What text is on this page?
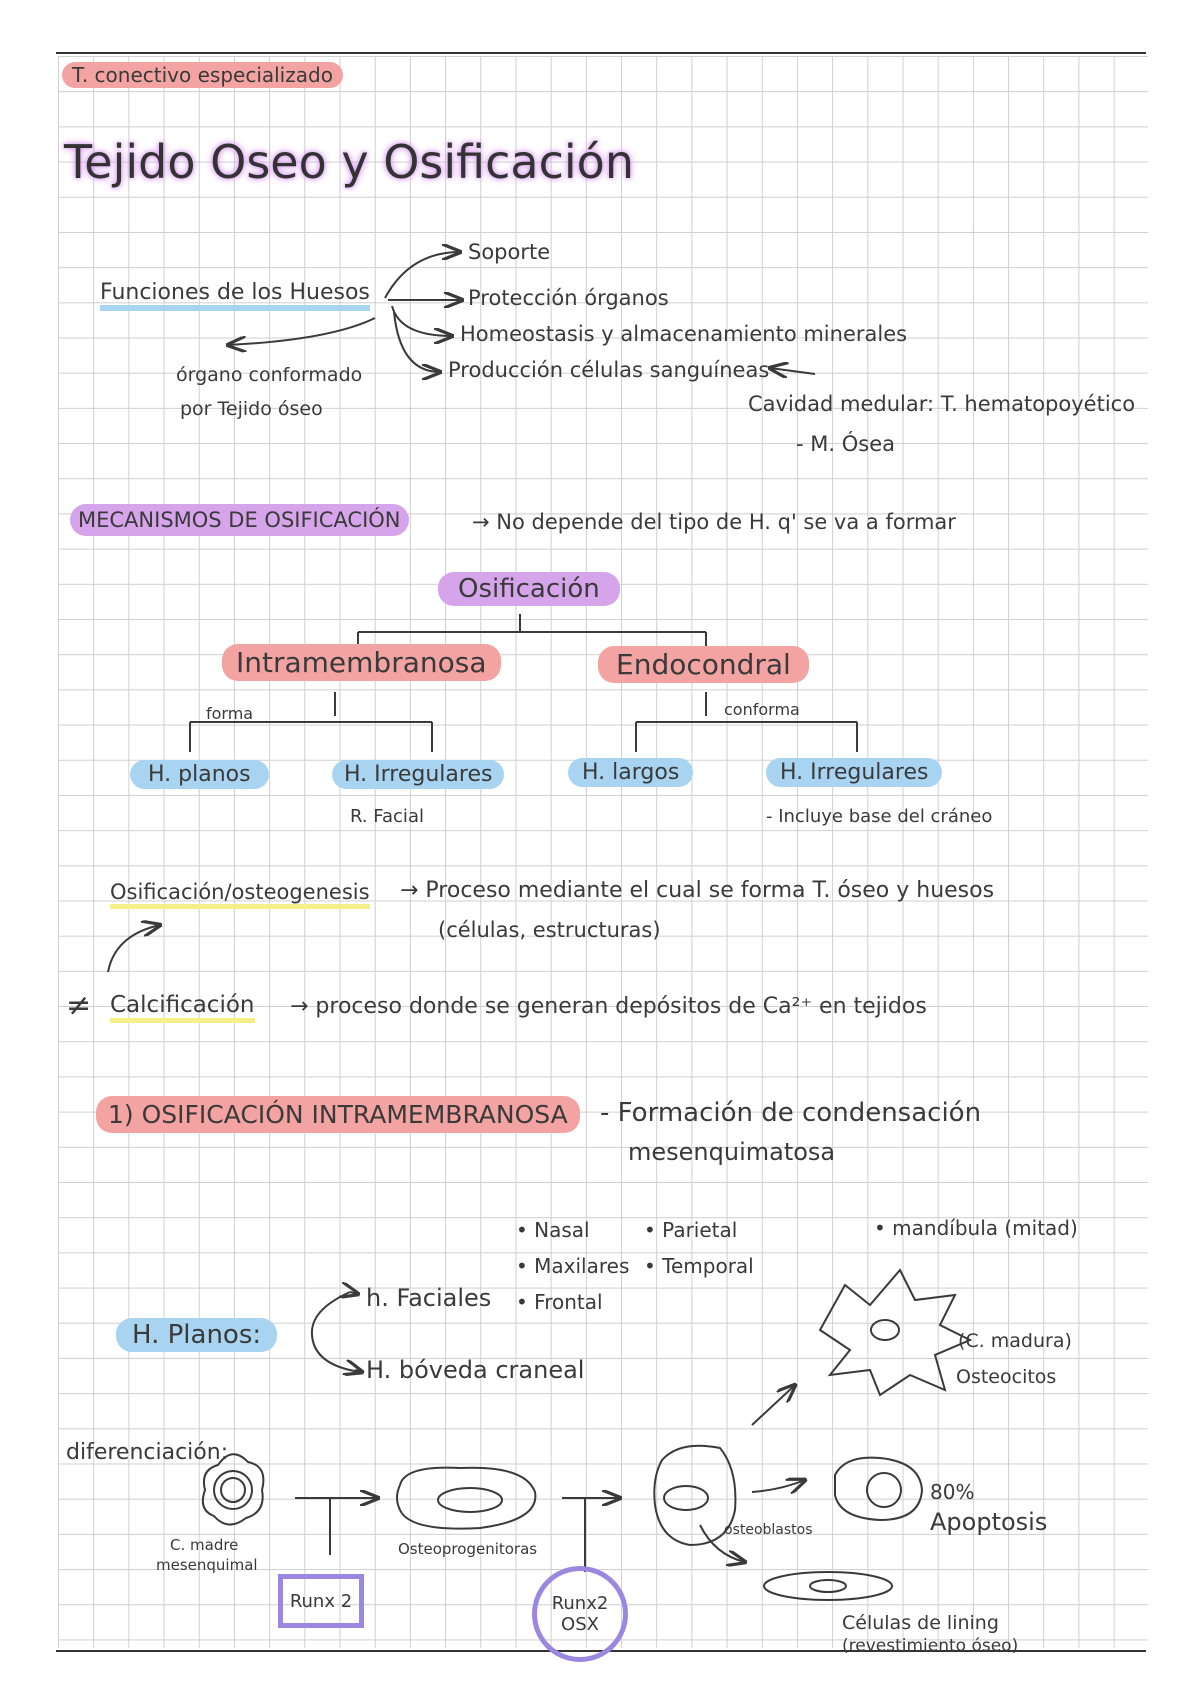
T. conectivo especializado
Tejido Oseo y Osificación
Funciones de los Huesos
Soporte
Protección órganos
Homeostasis y almacenamiento minerales
Producción células sanguíneas
órgano conformado
por Tejido óseo	Cavidad medular: T. hematopoyético
- M. Ósea
MECANISMOS DE OSIFICACIÓN	→ No depende del tipo de H. q' se va a formar
Osificación
Intramembranosa	Endocondral
forma	conforma
H. planos	H. Irregulares	H. largos	H. Irregulares
R. Facial	- Incluye base del cráneo
Osificación/osteogenesis → Proceso mediante el cual se forma T. óseo y huesos
(células, estructuras)
≠ Calcificación → proceso donde se generan depósitos de Ca²⁺ en tejidos
1) OSIFICACIÓN INTRAMEMBRANOSA	- Formación de condensación
mesenquimatosa
• Nasal
• Maxilares
• Frontal
• Parietal
• Temporal
• mandíbula (mitad)
H. Planos:
h. Faciales
H. bóveda craneal
diferenciación:
C. madre
mesenquimal
Runx 2
Osteoprogenitoras
Runx2
OSX
osteoblastos
(C. madura)
Osteocitos
80%
Apoptosis
Células de lining
(revestimiento óseo)
